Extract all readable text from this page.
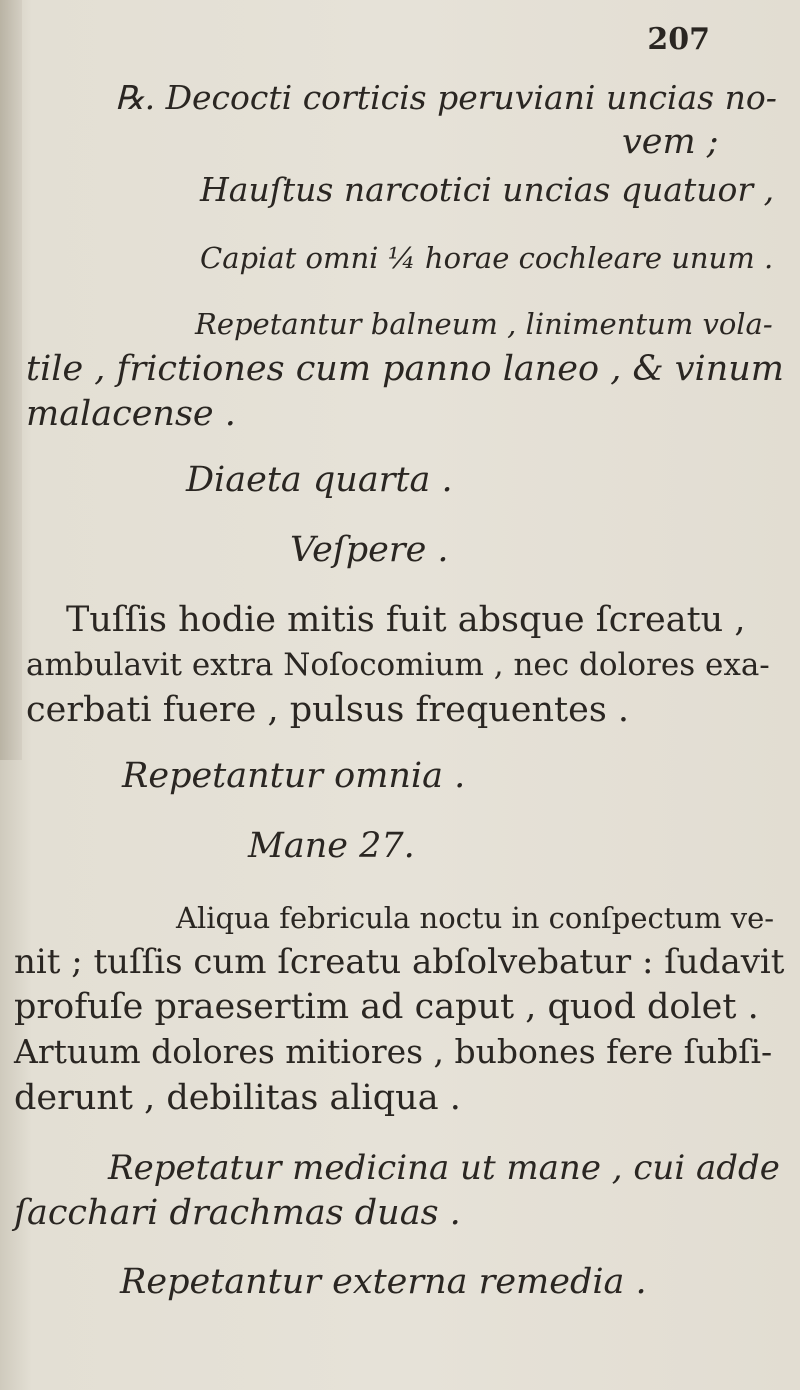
207
℞. Decocti corticis peruviani uncias no-
vem ;
Hauſtus narcotici uncias quatuor ,
Capiat omni ¼ horae cochleare unum .
Repetantur balneum , linimentum vola-
tile , frictiones cum panno laneo , & vinum
malacense .
Diaeta quarta .
Veſpere .
Tuſſis hodie mitis fuit absque ſcreatu ,
ambulavit extra Noſocomium , nec dolores exa-
cerbati fuere , pulsus frequentes .
Repetantur omnia .
Mane 27.
Aliqua febricula noctu in conſpectum ve-
nit ; tuſſis cum ſcreatu abſolvebatur : ſudavit
profuſe praesertim ad caput , quod dolet .
Artuum dolores mitiores , bubones fere ſubſi-
derunt , debilitas aliqua .
Repetatur medicina ut mane , cui adde
ſacchari drachmas duas .
Repetantur externa remedia .
